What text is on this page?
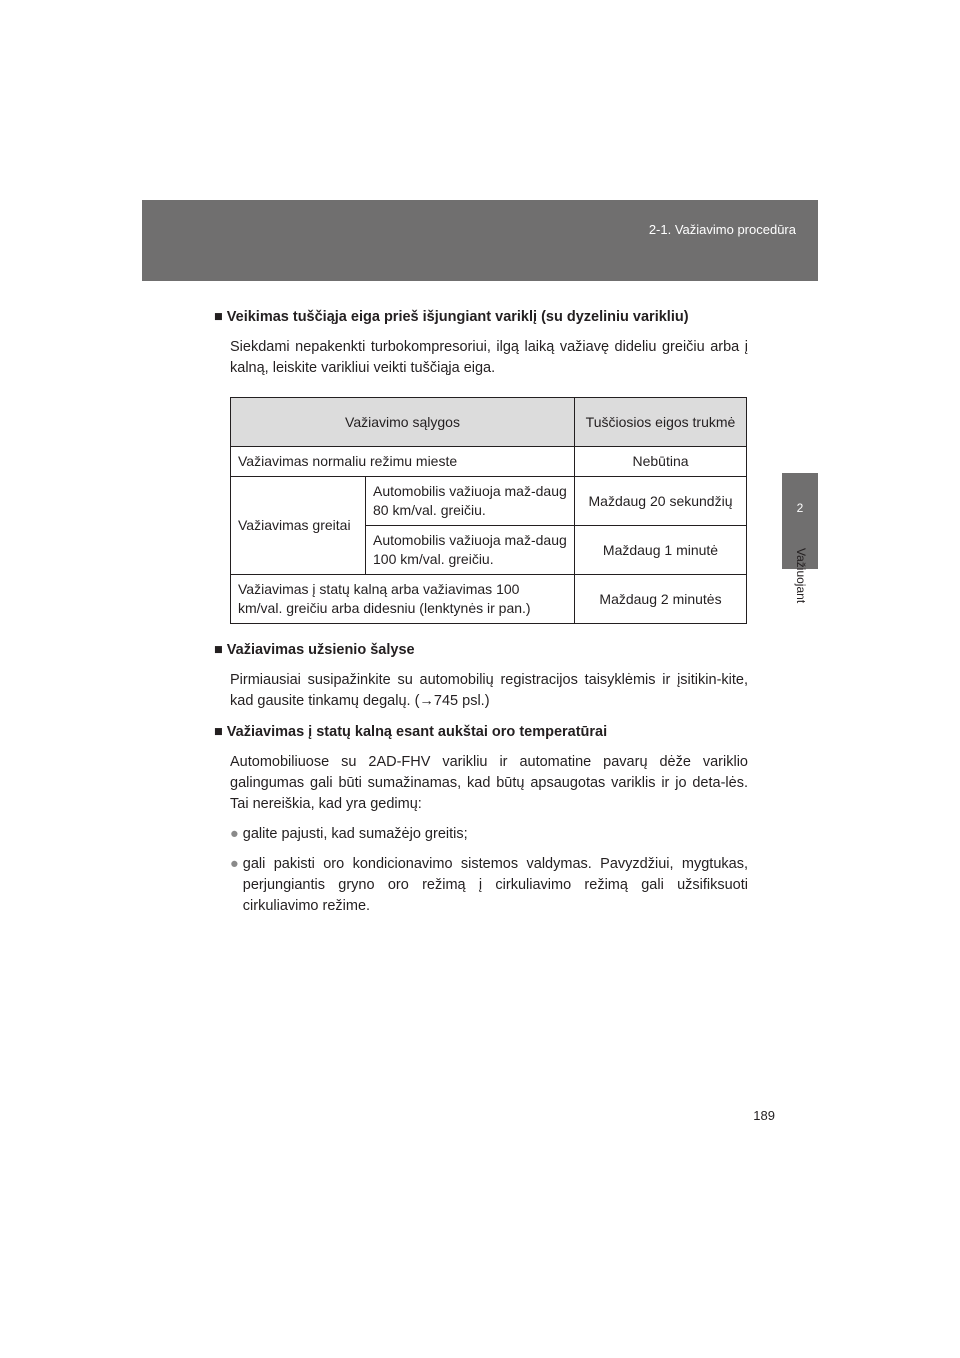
2-1. Važiavimo procedūra
2
Važiuojant

■ Veikimas tuščiąja eiga prieš išjungiant variklį (su dyzeliniu varikliu)

Siekdami nepakenkti turbokompresoriui, ilgą laiką važiavę dideliu greičiu arba į kalną, leiskite varikliui veikti tuščiąja eiga.

Važiavimo sąlygos		Tuščiosios eigos trukmė
Važiavimas normaliu režimu mieste		Nebūtina
Važiavimas greitai	Automobilis važiuoja maž-daug 80 km/val. greičiu.	Maždaug 20 sekundžių
	Automobilis važiuoja maž-daug 100 km/val. greičiu.	Maždaug 1 minutė
Važiavimas į statų kalną arba važiavimas 100 km/val. greičiu arba didesniu (lenktynės ir pan.)		Maždaug 2 minutės

■ Važiavimas užsienio šalyse

Pirmiausiai susipažinkite su automobilių registracijos taisyklėmis ir įsitikin-kite, kad gausite tinkamų degalų. (→745 psl.)

■ Važiavimas į statų kalną esant aukštai oro temperatūrai

Automobiliuose su 2AD-FHV varikliu ir automatine pavarų dėže variklio galingumas gali būti sumažinamas, kad būtų apsaugotas variklis ir jo deta-lės. Tai nereiškia, kad yra gedimų:

● galite pajusti, kad sumažėjo greitis;
● gali pakisti oro kondicionavimo sistemos valdymas. Pavyzdžiui, mygtukas, perjungiantis gryno oro režimą į cirkuliavimo režimą gali užsifiksuoti cirkuliavimo režime.
189
